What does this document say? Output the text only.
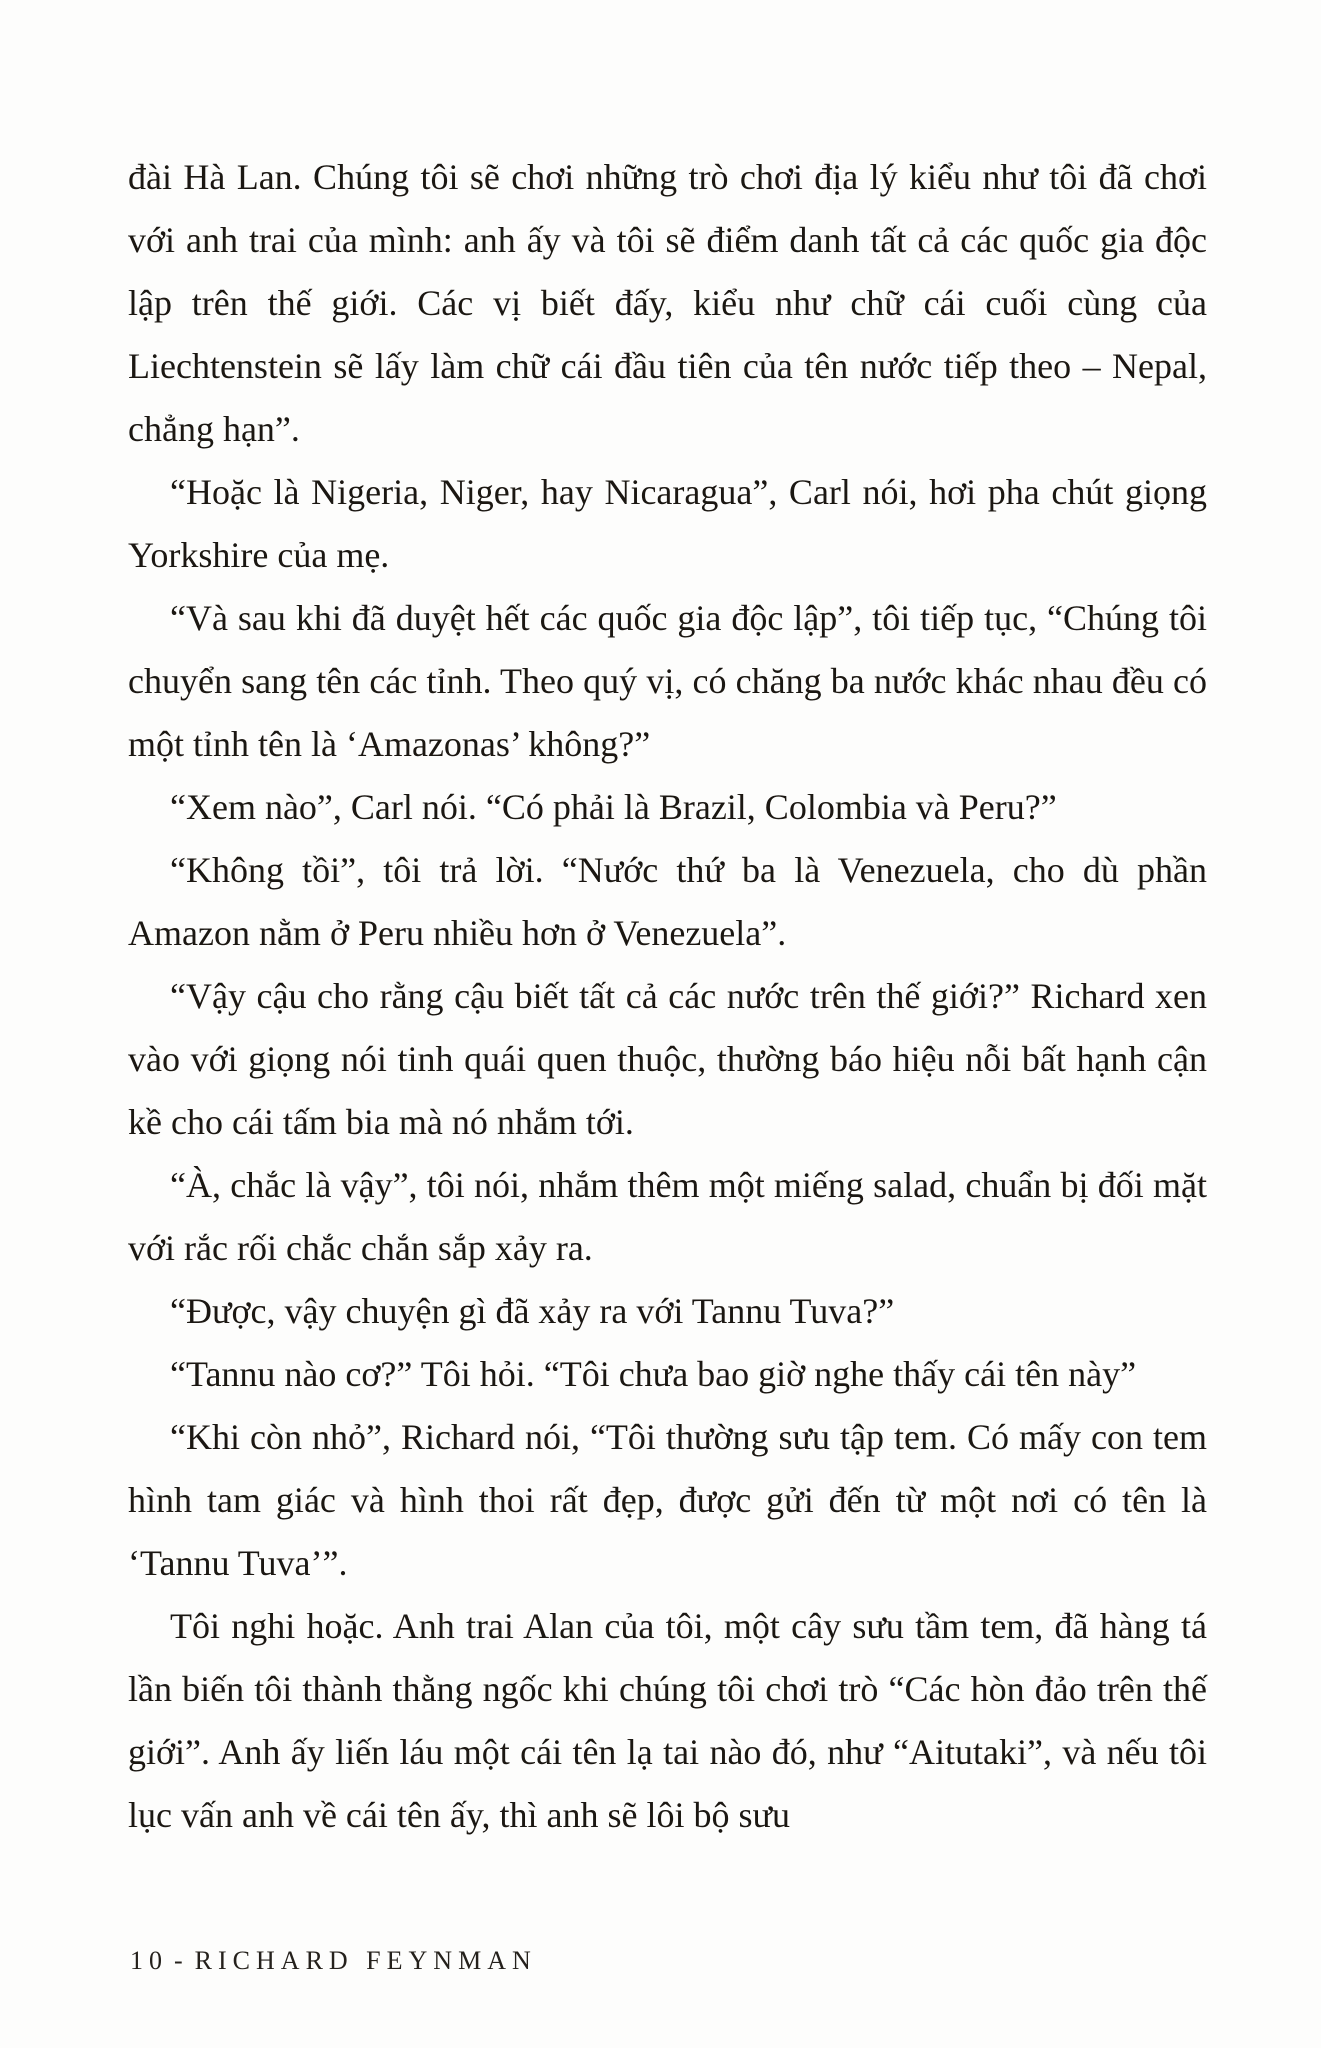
đài Hà Lan. Chúng tôi sẽ chơi những trò chơi địa lý kiểu như tôi đã chơi với anh trai của mình: anh ấy và tôi sẽ điểm danh tất cả các quốc gia độc lập trên thế giới. Các vị biết đấy, kiểu như chữ cái cuối cùng của Liechtenstein sẽ lấy làm chữ cái đầu tiên của tên nước tiếp theo – Nepal, chẳng hạn”.

“Hoặc là Nigeria, Niger, hay Nicaragua”, Carl nói, hơi pha chút giọng Yorkshire của mẹ.

“Và sau khi đã duyệt hết các quốc gia độc lập”, tôi tiếp tục, “Chúng tôi chuyển sang tên các tỉnh. Theo quý vị, có chăng ba nước khác nhau đều có một tỉnh tên là ‘Amazonas’ không?”

“Xem nào”, Carl nói. “Có phải là Brazil, Colombia và Peru?”

“Không tồi”, tôi trả lời. “Nước thứ ba là Venezuela, cho dù phần Amazon nằm ở Peru nhiều hơn ở Venezuela”.

“Vậy cậu cho rằng cậu biết tất cả các nước trên thế giới?” Richard xen vào với giọng nói tinh quái quen thuộc, thường báo hiệu nỗi bất hạnh cận kề cho cái tấm bia mà nó nhắm tới.

“À, chắc là vậy”, tôi nói, nhắm thêm một miếng salad, chuẩn bị đối mặt với rắc rối chắc chắn sắp xảy ra.

“Được, vậy chuyện gì đã xảy ra với Tannu Tuva?”

“Tannu nào cơ?” Tôi hỏi. “Tôi chưa bao giờ nghe thấy cái tên này”

“Khi còn nhỏ”, Richard nói, “Tôi thường sưu tập tem. Có mấy con tem hình tam giác và hình thoi rất đẹp, được gửi đến từ một nơi có tên là ‘Tannu Tuva’”.

Tôi nghi hoặc. Anh trai Alan của tôi, một cây sưu tầm tem, đã hàng tá lần biến tôi thành thằng ngốc khi chúng tôi chơi trò “Các hòn đảo trên thế giới”. Anh ấy liến láu một cái tên lạ tai nào đó, như “Aitutaki”, và nếu tôi lục vấn anh về cái tên ấy, thì anh sẽ lôi bộ sưu

10 - RICHARD FEYNMAN
